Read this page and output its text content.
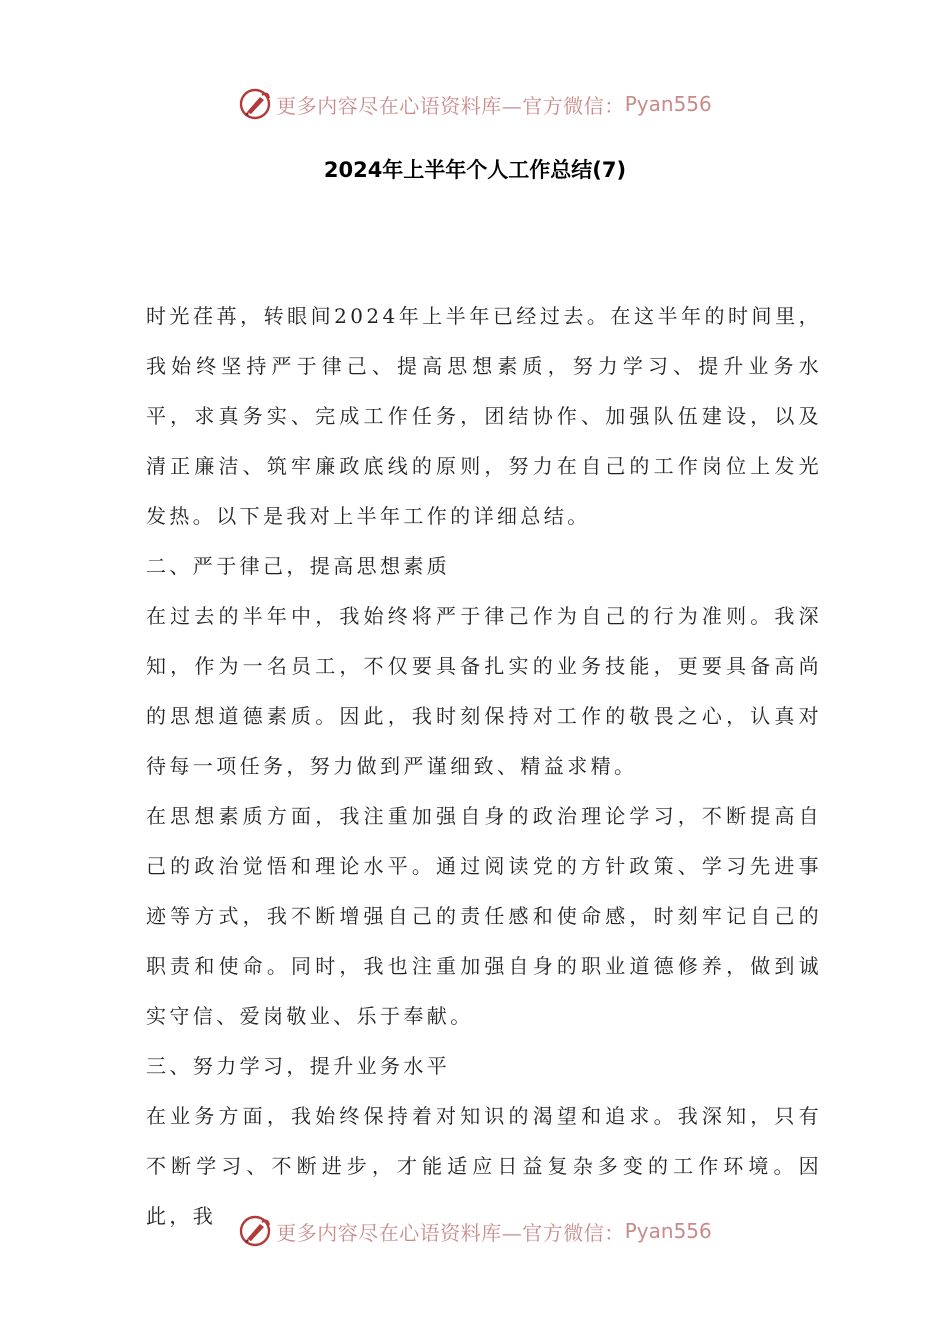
更多内容尽在心语资料库—官方微信： Pyan556
2024年上半年个人工作总结(7)

时光荏苒，转眼间2024年上半年已经过去。在这半年的时间里，我始终坚持严于律己、提高思想素质，努力学习、提升业务水平，求真务实、完成工作任务，团结协作、加强队伍建设，以及清正廉洁、筑牢廉政底线的原则，努力在自己的工作岗位上发光发热。以下是我对上半年工作的详细总结。

二、严于律己，提高思想素质

在过去的半年中，我始终将严于律己作为自己的行为准则。我深知，作为一名员工，不仅要具备扎实的业务技能，更要具备高尚的思想道德素质。因此，我时刻保持对工作的敬畏之心，认真对待每一项任务，努力做到严谨细致、精益求精。

在思想素质方面，我注重加强自身的政治理论学习，不断提高自己的政治觉悟和理论水平。通过阅读党的方针政策、学习先进事迹等方式，我不断增强自己的责任感和使命感，时刻牢记自己的职责和使命。同时，我也注重加强自身的职业道德修养，做到诚实守信、爱岗敬业、乐于奉献。

三、努力学习，提升业务水平

在业务方面，我始终保持着对知识的渴望和追求。我深知，只有不断学习、不断进步，才能适应日益复杂多变的工作环境。因此，我

更多内容尽在心语资料库—官方微信： Pyan556
